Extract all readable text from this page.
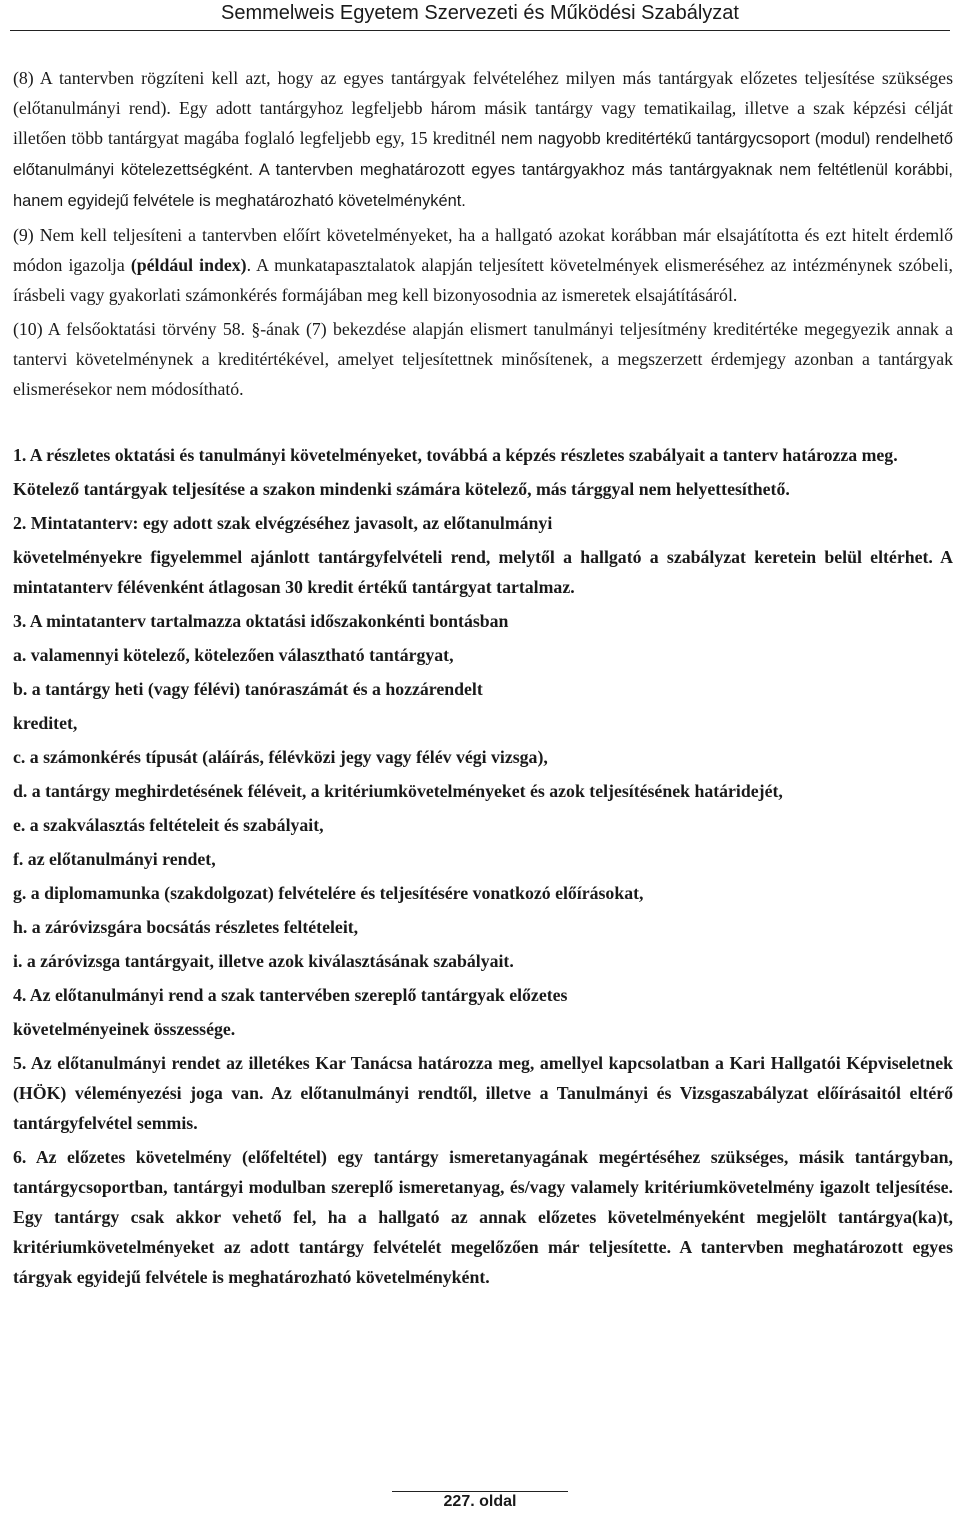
Semmelweis Egyetem Szervezeti és Működési Szabályzat

(8) A tantervben rögzíteni kell azt, hogy az egyes tantárgyak felvételéhez milyen más tantárgyak előzetes teljesítése szükséges (előtanulmányi rend). Egy adott tantárgyhoz legfeljebb három másik tantárgy vagy tematikailag, illetve a szak képzési célját illetően több tantárgyat magába foglaló legfeljebb egy, 15 kreditnél nem nagyobb kreditértékű tantárgycsoport (modul) rendelhető előtanulmányi kötelezettségként. A tantervben meghatározott egyes tantárgyakhoz más tantárgyaknak nem feltétlenül korábbi, hanem egyidejű felvétele is meghatározható követelményként.

(9) Nem kell teljesíteni a tantervben előírt követelményeket, ha a hallgató azokat korábban már elsajátította és ezt hitelt érdemlő módon igazolja (például index). A munkatapasztalatok alapján teljesített követelmények elismeréséhez az intézménynek szóbeli, írásbeli vagy gyakorlati számonkérés formájában meg kell bizonyosodnia az ismeretek elsajátításáról.

(10) A felsőoktatási törvény 58. §-ának (7) bekezdése alapján elismert tanulmányi teljesítmény kreditértéke megegyezik annak a tantervi követelménynek a kreditértékével, amelyet teljesítettnek minősítenek, a megszerzett érdemjegy azonban a tantárgyak elismerésekor nem módosítható.

1. A részletes oktatási és tanulmányi követelményeket, továbbá a képzés részletes szabályait a tanterv határozza meg.

Kötelező tantárgyak teljesítése a szakon mindenki számára kötelező, más tárggyal nem helyettesíthető.

2. Mintatanterv: egy adott szak elvégzéséhez javasolt, az előtanulmányi

követelményekre figyelemmel ajánlott tantárgyfelvételi rend, melytől a hallgató a szabályzat keretein belül eltérhet. A mintatanterv félévenként átlagosan 30 kredit értékű tantárgyat tartalmaz.

3. A mintatanterv tartalmazza oktatási időszakonkénti bontásban

a. valamennyi kötelező, kötelezően választható tantárgyat,

b. a tantárgy heti (vagy félévi) tanóraszámát és a hozzárendelt

kreditet,

c. a számonkérés típusát (aláírás, félévközi jegy vagy félév végi vizsga),

d. a tantárgy meghirdetésének féléveit, a kritériumkövetelményeket és azok teljesítésének határidejét,

e. a szakválasztás feltételeit és szabályait,

f. az előtanulmányi rendet,

g. a diplomamunka (szakdolgozat) felvételére és teljesítésére vonatkozó előírásokat,

h. a záróvizsgára bocsátás részletes feltételeit,

i. a záróvizsga tantárgyait, illetve azok kiválasztásának szabályait.

4. Az előtanulmányi rend a szak tantervében szereplő tantárgyak előzetes

követelményeinek összessége.

5. Az előtanulmányi rendet az illetékes Kar Tanácsa határozza meg, amellyel kapcsolatban a Kari Hallgatói Képviseletnek (HÖK) véleményezési joga van. Az előtanulmányi rendtől, illetve a Tanulmányi és Vizsgaszabályzat előírásaitól eltérő tantárgyfelvétel semmis.

6. Az előzetes követelmény (előfeltétel) egy tantárgy ismeretanyagának megértéséhez szükséges, másik tantárgyban, tantárgycsoportban, tantárgyi modulban szereplő ismeretanyag, és/vagy valamely kritériumkövetelmény igazolt teljesítése. Egy tantárgy csak akkor vehető fel, ha a hallgató az annak előzetes követelményeként megjelölt tantárgya(ka)t, kritériumkövetelményeket az adott tantárgy felvételét megelőzően már teljesítette. A tantervben meghatározott egyes tárgyak egyidejű felvétele is meghatározható követelményként.

227. oldal
